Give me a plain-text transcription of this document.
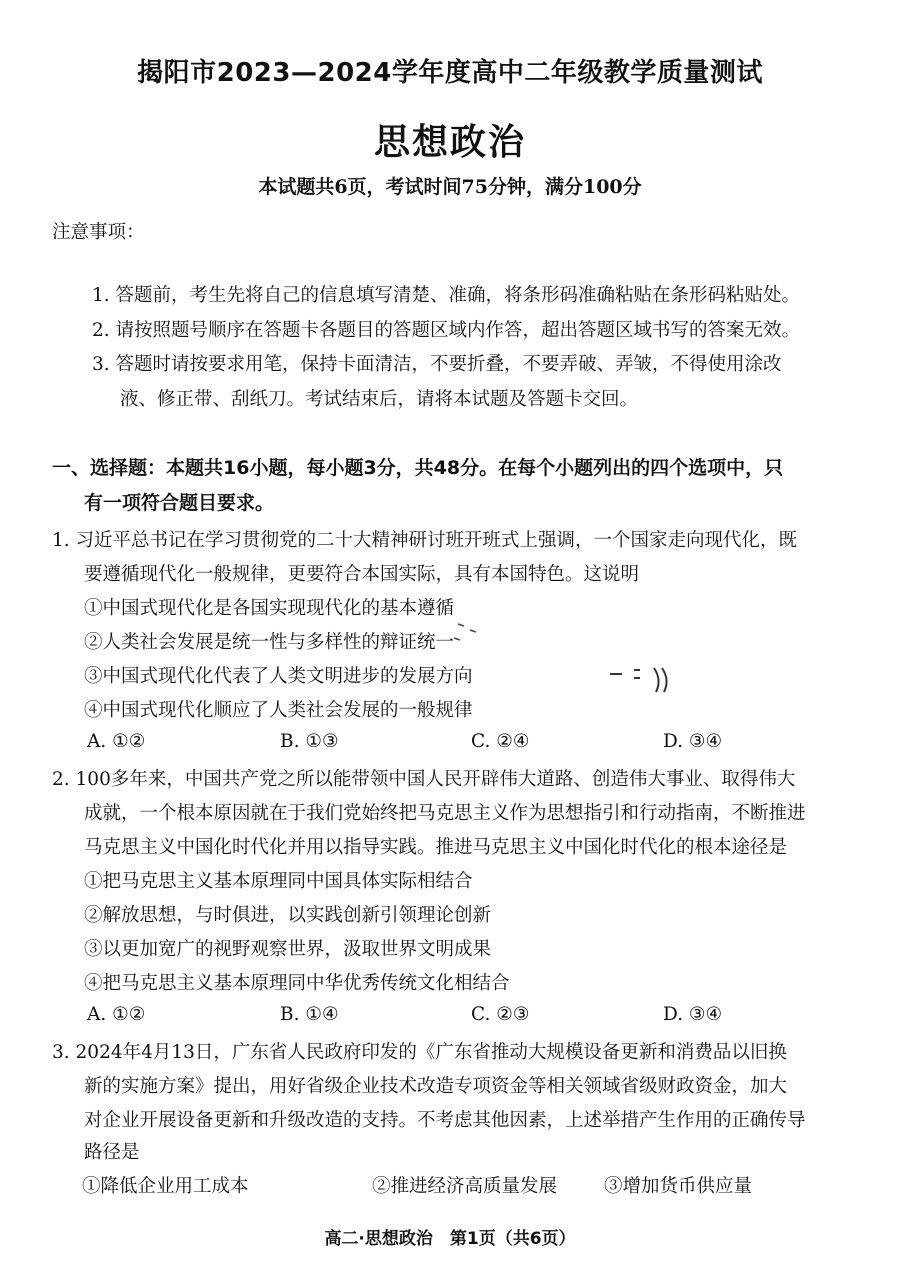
揭阳市2023—2024学年度高中二年级教学质量测试
思想政治
本试题共6页，考试时间75分钟，满分100分
注意事项：
1. 答题前，考生先将自己的信息填写清楚、准确，将条形码准确粘贴在条形码粘贴处。
2. 请按照题号顺序在答题卡各题目的答题区域内作答，超出答题区域书写的答案无效。
3. 答题时请按要求用笔，保持卡面清洁，不要折叠，不要弄破、弄皱，不得使用涂改
液、修正带、刮纸刀。考试结束后，请将本试题及答题卡交回。
一、选择题：本题共16小题，每小题3分，共48分。在每个小题列出的四个选项中，只
有一项符合题目要求。
1. 习近平总书记在学习贯彻党的二十大精神研讨班开班式上强调，一个国家走向现代化，既
要遵循现代化一般规律，更要符合本国实际，具有本国特色。这说明
①中国式现代化是各国实现现代化的基本遵循
②人类社会发展是统一性与多样性的辩证统一
③中国式现代化代表了人类文明进步的发展方向
④中国式现代化顺应了人类社会发展的一般规律
A. ①②	B. ①③	C. ②④	D. ③④
2. 100多年来，中国共产党之所以能带领中国人民开辟伟大道路、创造伟大事业、取得伟大
成就，一个根本原因就在于我们党始终把马克思主义作为思想指引和行动指南，不断推进
马克思主义中国化时代化并用以指导实践。推进马克思主义中国化时代化的根本途径是
①把马克思主义基本原理同中国具体实际相结合
②解放思想，与时俱进，以实践创新引领理论创新
③以更加宽广的视野观察世界，汲取世界文明成果
④把马克思主义基本原理同中华优秀传统文化相结合
A. ①②	B. ①④	C. ②③	D. ③④
3. 2024年4月13日，广东省人民政府印发的《广东省推动大规模设备更新和消费品以旧换
新的实施方案》提出，用好省级企业技术改造专项资金等相关领域省级财政资金，加大
对企业开展设备更新和升级改造的支持。不考虑其他因素，上述举措产生作用的正确传导
路径是
①降低企业用工成本	②推进经济高质量发展	③增加货币供应量
高二·思想政治　第1页（共6页）
